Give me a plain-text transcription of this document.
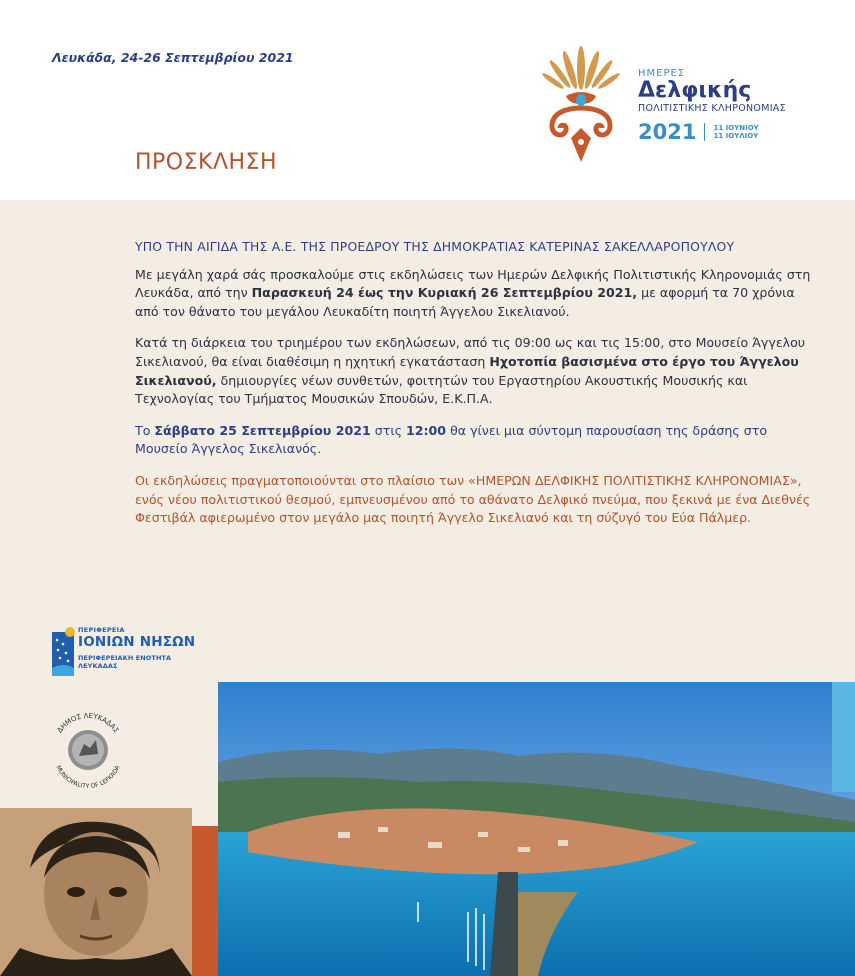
Λευκάδα, 24-26 Σεπτεμβρίου 2021
ΠΡΟΣΚΛΗΣΗ
ΗΜΕΡΕΣ
Δελφικής
ΠΟΛΙΤΙΣΤΙΚΗΣ ΚΛΗΡΟΝΟΜΙΑΣ
2021 11 ΙΟΥΝΙΟΥ
11 ΙΟΥΛΙΟΥ

ΥΠΟ ΤΗΝ ΑΙΓΙΔΑ ΤΗΣ Α.Ε. ΤΗΣ ΠΡΟΕΔΡΟΥ ΤΗΣ ΔΗΜΟΚΡΑΤΙΑΣ ΚΑΤΕΡΙΝΑΣ ΣΑΚΕΛΛΑΡΟΠΟΥΛΟΥ

Με μεγάλη χαρά σάς προσκαλούμε στις εκδηλώσεις των Ημερών Δελφικής Πολιτιστικής Κληρονομιάς στη Λευκάδα, από την Παρασκευή 24 έως την Κυριακή 26 Σεπτεμβρίου 2021, με αφορμή τα 70 χρόνια από τον θάνατο του μεγάλου Λευκαδίτη ποιητή Άγγελου Σικελιανού.

Κατά τη διάρκεια του τριημέρου των εκδηλώσεων, από τις 09:00 ως και τις 15:00, στο Μουσείο Άγγελου Σικελιανού, θα είναι διαθέσιμη η ηχητική εγκατάσταση Ηχοτοπία βασισμένα στο έργο του Άγγελου Σικελιανού, δημιουργίες νέων συνθετών, φοιτητών του Εργαστηρίου Ακουστικής Μουσικής και Τεχνολογίας του Τμήματος Μουσικών Σπουδών, Ε.Κ.Π.Α.

Το Σάββατο 25 Σεπτεμβρίου 2021 στις 12:00 θα γίνει μια σύντομη παρουσίαση της δράσης στο Μουσείο Άγγελος Σικελιανός.

Οι εκδηλώσεις πραγματοποιούνται στο πλαίσιο των «ΗΜΕΡΩΝ ΔΕΛΦΙΚΗΣ ΠΟΛΙΤΙΣΤΙΚΗΣ ΚΛΗΡΟΝΟΜΙΑΣ», ενός νέου πολιτιστικού θεσμού, εμπνευσμένου από το αθάνατο Δελφικό πνεύμα, που ξεκινά με ένα Διεθνές Φεστιβάλ αφιερωμένο στον μεγάλο μας ποιητή Άγγελο Σικελιανό και τη σύζυγό του Εύα Πάλμερ.

ΠΕΡΙΦΕΡΕΙΑ
ΙΟΝΙΩΝ ΝΗΣΩΝ
ΠΕΡΙΦΕΡΕΙΑΚΗ ΕΝΟΤΗΤΑ ΛΕΥΚΑΔΑΣ
ΔΗΜΟΣ ΛΕΥΚΑΔΑΣ
MUNICIPALITY OF LEFKADA
